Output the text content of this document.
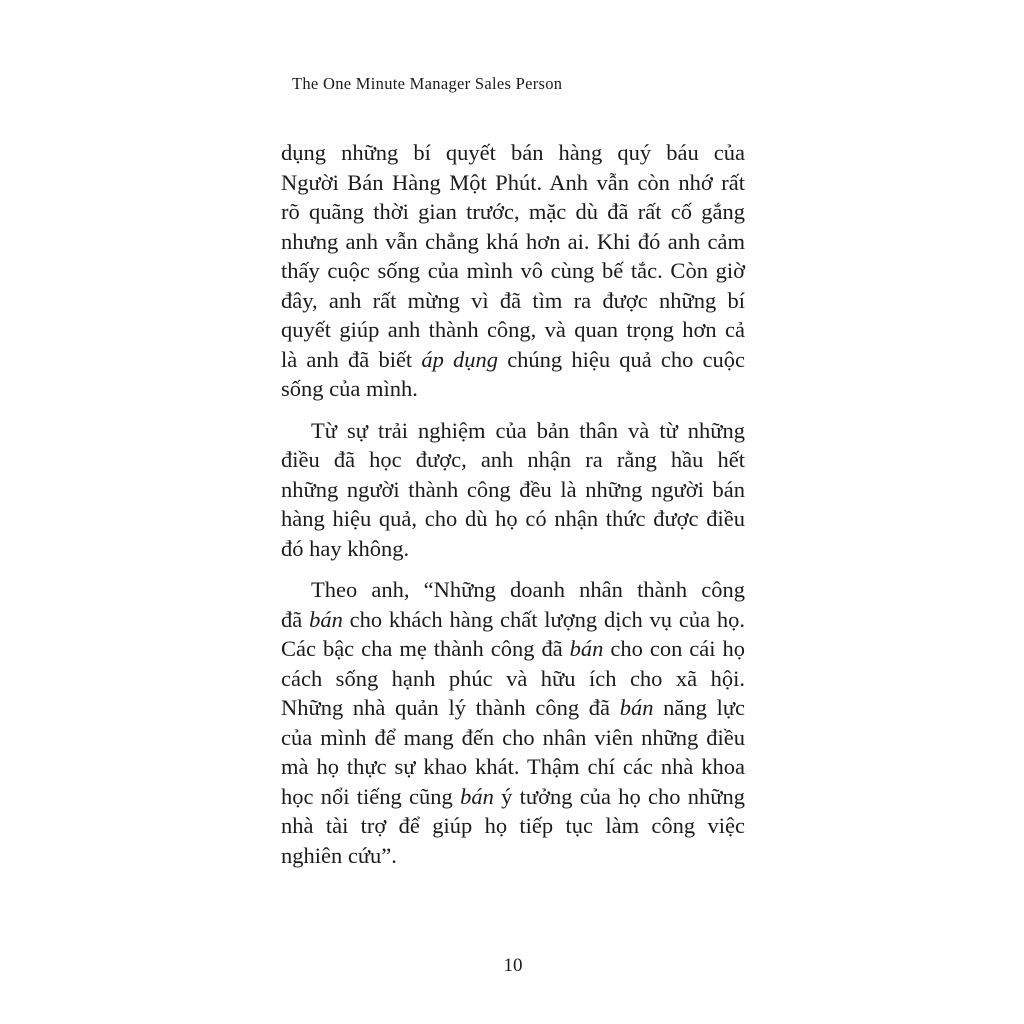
The One Minute Manager Sales Person
dụng những bí quyết bán hàng quý báu của
Người Bán Hàng Một Phút. Anh vẫn còn nhớ rất
rõ quãng thời gian trước, mặc dù đã rất cố gắng
nhưng anh vẫn chẳng khá hơn ai. Khi đó anh cảm
thấy cuộc sống của mình vô cùng bế tắc. Còn giờ
đây, anh rất mừng vì đã tìm ra được những bí
quyết giúp anh thành công, và quan trọng hơn cả
là anh đã biết áp dụng chúng hiệu quả cho cuộc
sống của mình.
Từ sự trải nghiệm của bản thân và từ những
điều đã học được, anh nhận ra rằng hầu hết
những người thành công đều là những người bán
hàng hiệu quả, cho dù họ có nhận thức được điều
đó hay không.
Theo anh, “Những doanh nhân thành công
đã bán cho khách hàng chất lượng dịch vụ của họ.
Các bậc cha mẹ thành công đã bán cho con cái họ
cách sống hạnh phúc và hữu ích cho xã hội.
Những nhà quản lý thành công đã bán năng lực
của mình để mang đến cho nhân viên những điều
mà họ thực sự khao khát. Thậm chí các nhà khoa
học nổi tiếng cũng bán ý tưởng của họ cho những
nhà tài trợ để giúp họ tiếp tục làm công việc
nghiên cứu”.
10
